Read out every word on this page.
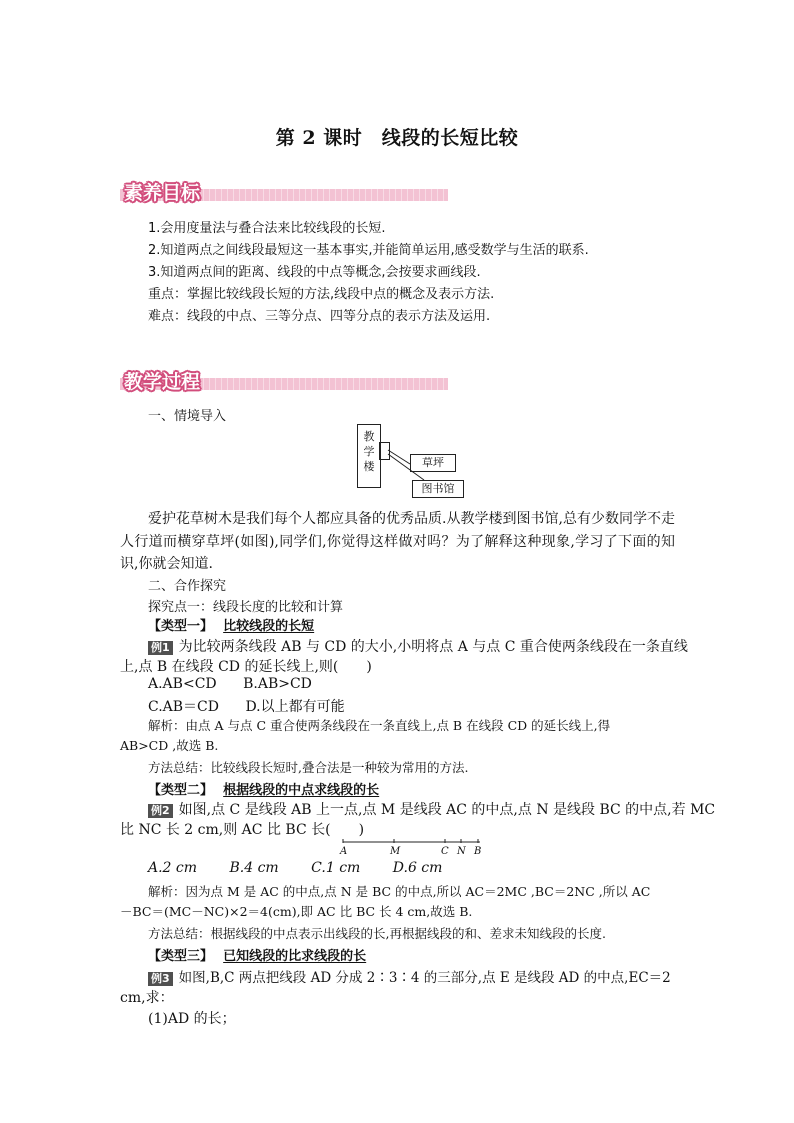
第 2 课时　线段的长短比较
素养目标
1.会用度量法与叠合法来比较线段的长短.
2.知道两点之间线段最短这一基本事实,并能简单运用,感受数学与生活的联系.
3.知道两点间的距离、线段的中点等概念,会按要求画线段.
重点：掌握比较线段长短的方法,线段中点的概念及表示方法.
难点：线段的中点、三等分点、四等分点的表示方法及运用.
教学过程
一、情境导入
教
学
楼	草坪
图书馆
爱护花草树木是我们每个人都应具备的优秀品质.从教学楼到图书馆,总有少数同学不走人行道而横穿草坪(如图),同学们,你觉得这样做对吗？为了解释这种现象,学习了下面的知识,你就会知道.
二、合作探究
探究点一：线段长度的比较和计算
【类型一】 比较线段的长短
例1 为比较两条线段 AB 与 CD 的大小,小明将点 A 与点 C 重合使两条线段在一条直线
上,点 B 在线段 CD 的延长线上,则(　　)
A.AB<CD B.AB>CD
C.AB＝CD D.以上都有可能
解析：由点 A 与点 C 重合使两条线段在一条直线上,点 B 在线段 CD 的延长线上,得
AB>CD ,故选 B.
方法总结：比较线段长短时,叠合法是一种较为常用的方法.
【类型二】 根据线段的中点求线段的长
例2 如图,点 C 是线段 AB 上一点,点 M 是线段 AC 的中点,点 N 是线段 BC 的中点,若 MC
比 NC 长 2 cm,则 AC 比 BC 长(　　)
A	M	C N B
A.2 cm B.4 cm C.1 cm D.6 cm
解析：因为点 M 是 AC 的中点,点 N 是 BC 的中点,所以 AC＝2MC ,BC＝2NC ,所以 AC
－BC＝(MC－NC)×2＝4(cm),即 AC 比 BC 长 4 cm,故选 B.
方法总结：根据线段的中点表示出线段的长,再根据线段的和、差求未知线段的长度.
【类型三】 已知线段的比求线段的长
例3 如图,B,C 两点把线段 AD 分成 2∶3∶4 的三部分,点 E 是线段 AD 的中点,EC＝2
cm,求：
(1)AD 的长；
